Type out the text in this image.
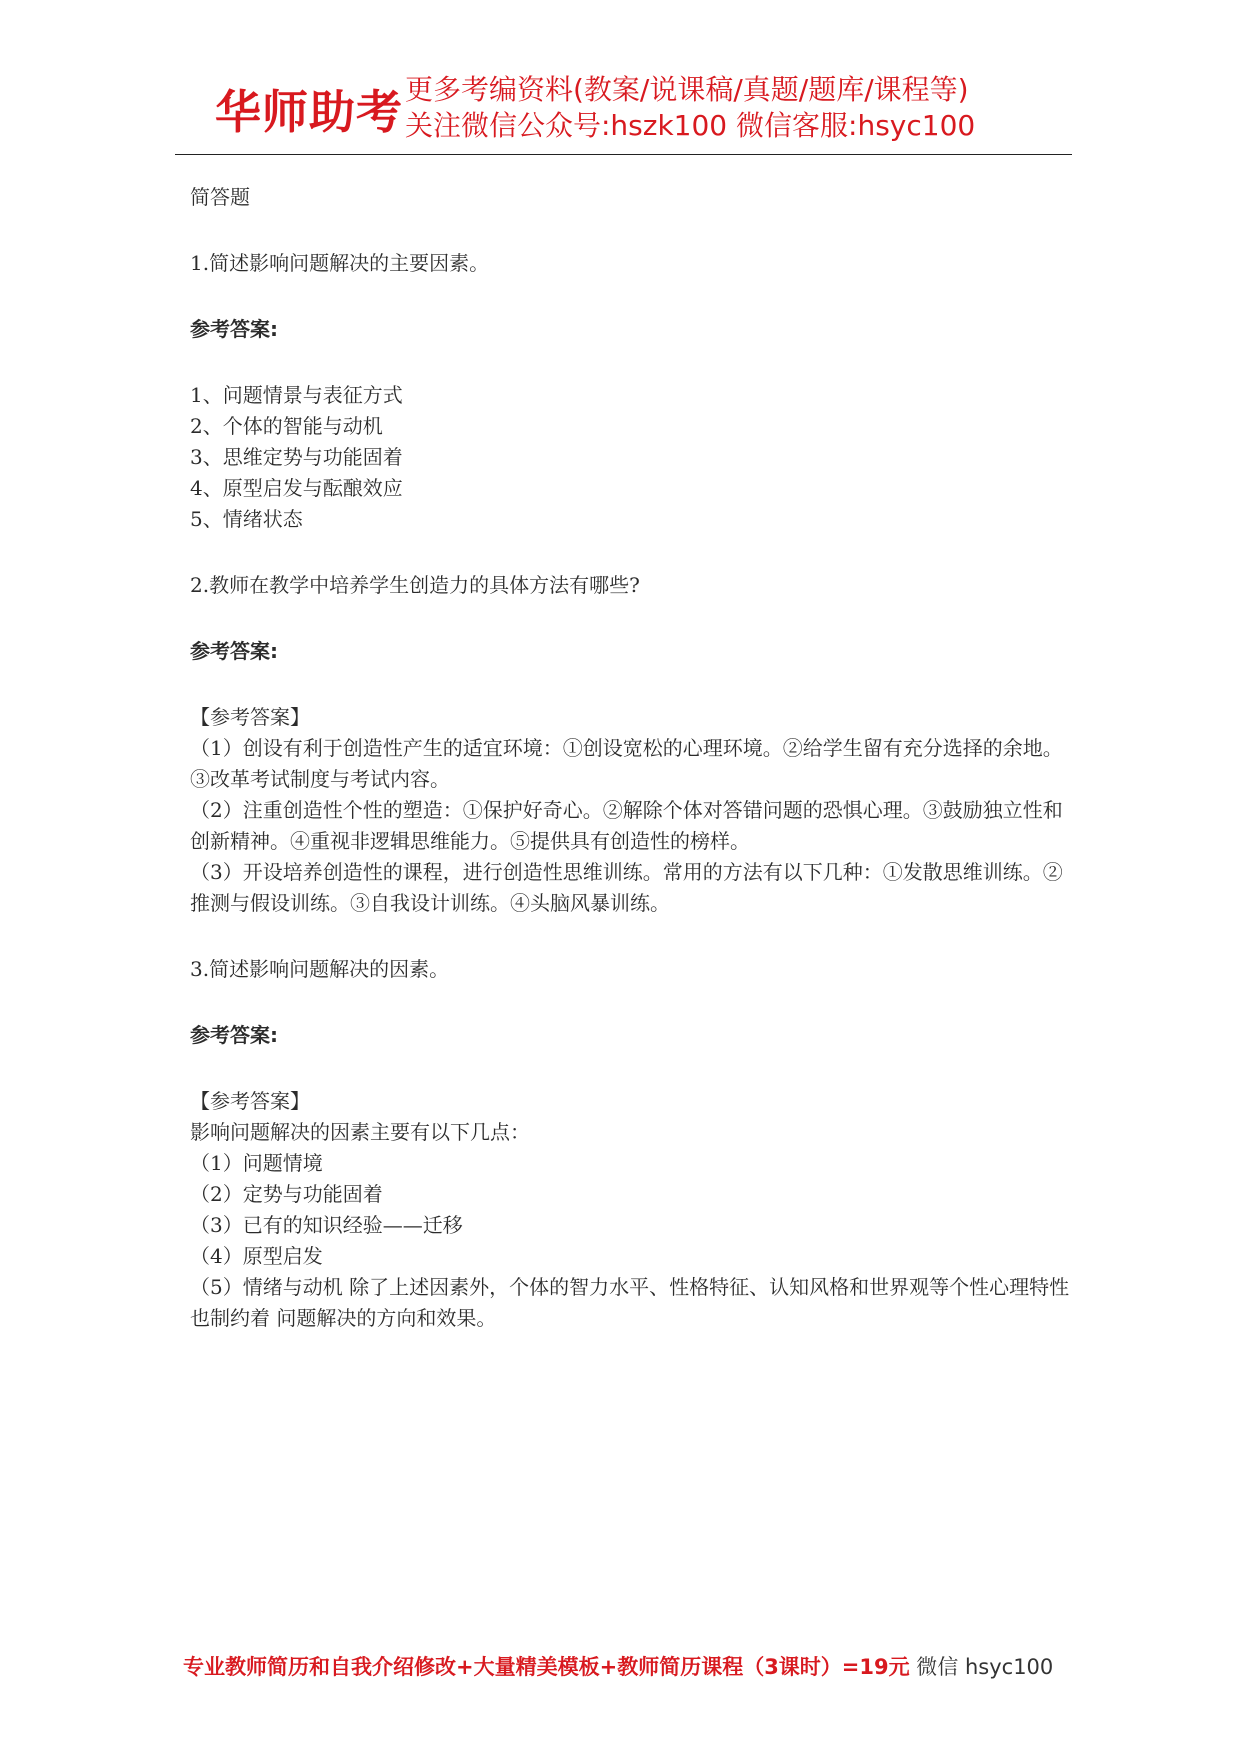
华师助考 更多考编资料(教案/说课稿/真题/题库/课程等)
关注微信公众号:hszk100 微信客服:hsyc100

简答题

1.简述影响问题解决的主要因素。

参考答案:

1、问题情景与表征方式

2、个体的智能与动机

3、思维定势与功能固着

4、原型启发与酝酿效应

5、情绪状态

2.教师在教学中培养学生创造力的具体方法有哪些?

参考答案:

【参考答案】

（1）创设有利于创造性产生的适宜环境：①创设宽松的心理环境。②给学生留有充分选择的余地。③改革考试制度与考试内容。

（2）注重创造性个性的塑造：①保护好奇心。②解除个体对答错问题的恐惧心理。③鼓励独立性和创新精神。④重视非逻辑思维能力。⑤提供具有创造性的榜样。

（3）开设培养创造性的课程，进行创造性思维训练。常用的方法有以下几种：①发散思维训练。②推测与假设训练。③自我设计训练。④头脑风暴训练。

3.简述影响问题解决的因素。

参考答案:

【参考答案】

影响问题解决的因素主要有以下几点：

（1）问题情境

（2）定势与功能固着

（3）已有的知识经验——迁移

（4）原型启发

（5）情绪与动机 除了上述因素外，个体的智力水平、性格特征、认知风格和世界观等个性心理特性也制约着 问题解决的方向和效果。

专业教师简历和自我介绍修改+大量精美模板+教师简历课程（3课时）=19元 微信 hsyc100
